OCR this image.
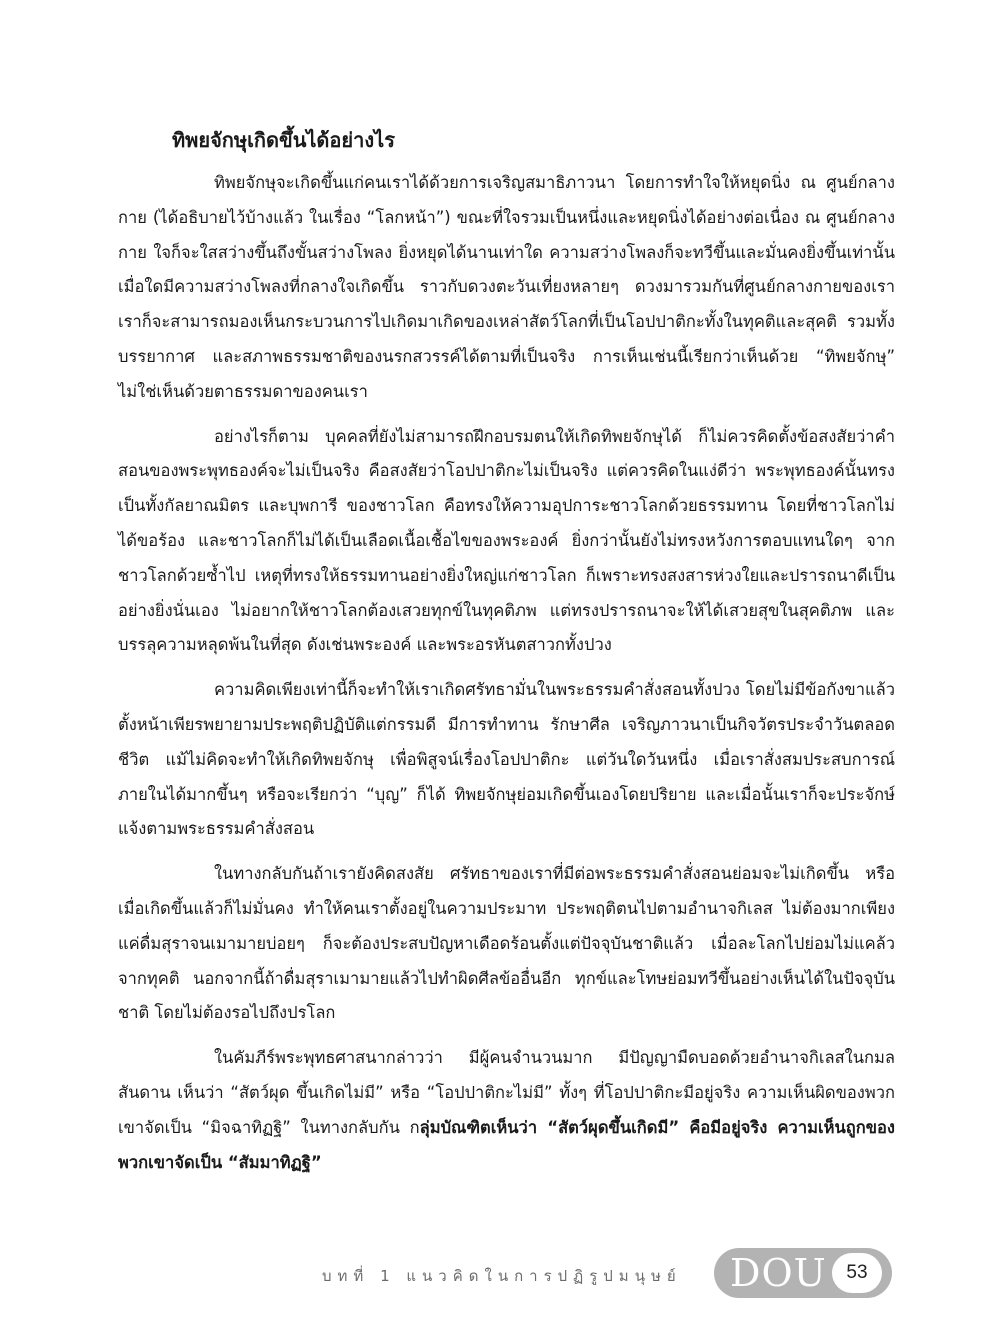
ทิพยจักษุเกิดขึ้นได้อย่างไร

ทิพยจักษุจะเกิดขึ้นแก่คนเราได้ด้วยการเจริญสมาธิภาวนา โดยการทำใจให้หยุดนิ่ง ณ ศูนย์กลางกาย (ได้อธิบายไว้บ้างแล้ว ในเรื่อง “โลกหน้า”) ขณะที่ใจรวมเป็นหนึ่งและหยุดนิ่งได้อย่างต่อเนื่อง ณ ศูนย์กลางกาย ใจก็จะใสสว่างขึ้นถึงขั้นสว่างโพลง ยิ่งหยุดได้นานเท่าใด ความสว่างโพลงก็จะทวีขึ้นและมั่นคงยิ่งขึ้นเท่านั้น เมื่อใดมีความสว่างโพลงที่กลางใจเกิดขึ้น ราวกับดวงตะวันเที่ยงหลายๆ ดวงมารวมกันที่ศูนย์กลางกายของเรา เราก็จะสามารถมองเห็นกระบวนการไปเกิดมาเกิดของเหล่าสัตว์โลกที่เป็นโอปปาติกะทั้งในทุคติและสุคติ รวมทั้งบรรยากาศ และสภาพธรรมชาติของนรกสวรรค์ได้ตามที่เป็นจริง การเห็นเช่นนี้เรียกว่าเห็นด้วย “ทิพยจักษุ” ไม่ใช่เห็นด้วยตาธรรมดาของคนเรา

อย่างไรก็ตาม บุคคลที่ยังไม่สามารถฝึกอบรมตนให้เกิดทิพยจักษุได้ ก็ไม่ควรคิดตั้งข้อสงสัยว่าคำสอนของพระพุทธองค์จะไม่เป็นจริง คือสงสัยว่าโอปปาติกะไม่เป็นจริง แต่ควรคิดในแง่ดีว่า พระพุทธองค์นั้นทรงเป็นทั้งกัลยาณมิตร และบุพการี ของชาวโลก คือทรงให้ความอุปการะชาวโลกด้วยธรรมทาน โดยที่ชาวโลกไม่ได้ขอร้อง และชาวโลกก็ไม่ได้เป็นเลือดเนื้อเชื้อไขของพระองค์ ยิ่งกว่านั้นยังไม่ทรงหวังการตอบแทนใดๆ จากชาวโลกด้วยซ้ำไป เหตุที่ทรงให้ธรรมทานอย่างยิ่งใหญ่แก่ชาวโลก ก็เพราะทรงสงสารห่วงใยและปรารถนาดีเป็นอย่างยิ่งนั่นเอง ไม่อยากให้ชาวโลกต้องเสวยทุกข์ในทุคติภพ แต่ทรงปรารถนาจะให้ได้เสวยสุขในสุคติภพ และบรรลุความหลุดพ้นในที่สุด ดังเช่นพระองค์ และพระอรหันตสาวกทั้งปวง

ความคิดเพียงเท่านี้ก็จะทำให้เราเกิดศรัทธามั่นในพระธรรมคำสั่งสอนทั้งปวง โดยไม่มีข้อกังขาแล้วตั้งหน้าเพียรพยายามประพฤติปฏิบัติแต่กรรมดี มีการทำทาน รักษาศีล เจริญภาวนาเป็นกิจวัตรประจำวันตลอดชีวิต แม้ไม่คิดจะทำให้เกิดทิพยจักษุ เพื่อพิสูจน์เรื่องโอปปาติกะ แต่วันใดวันหนึ่ง เมื่อเราสั่งสมประสบการณ์ภายในได้มากขึ้นๆ หรือจะเรียกว่า “บุญ” ก็ได้ ทิพยจักษุย่อมเกิดขึ้นเองโดยปริยาย และเมื่อนั้นเราก็จะประจักษ์แจ้งตามพระธรรมคำสั่งสอน

ในทางกลับกันถ้าเรายังคิดสงสัย ศรัทธาของเราที่มีต่อพระธรรมคำสั่งสอนย่อมจะไม่เกิดขึ้น หรือเมื่อเกิดขึ้นแล้วก็ไม่มั่นคง ทำให้คนเราตั้งอยู่ในความประมาท ประพฤติตนไปตามอำนาจกิเลส ไม่ต้องมากเพียงแค่ดื่มสุราจนเมามายบ่อยๆ ก็จะต้องประสบปัญหาเดือดร้อนตั้งแต่ปัจจุบันชาติแล้ว เมื่อละโลกไปย่อมไม่แคล้วจากทุคติ นอกจากนี้ถ้าดื่มสุราเมามายแล้วไปทำผิดศีลข้ออื่นอีก ทุกข์และโทษย่อมทวีขึ้นอย่างเห็นได้ในปัจจุบันชาติ โดยไม่ต้องรอไปถึงปรโลก

ในคัมภีร์พระพุทธศาสนากล่าวว่า มีผู้คนจำนวนมาก มีปัญญามืดบอดด้วยอำนาจกิเลสในกมลสันดาน เห็นว่า “สัตว์ผุด ขึ้นเกิดไม่มี” หรือ “โอปปาติกะไม่มี” ทั้งๆ ที่โอปปาติกะมีอยู่จริง ความเห็นผิดของพวกเขาจัดเป็น “มิจฉาทิฏฐิ” ในทางกลับกัน กลุ่มบัณฑิตเห็นว่า “สัตว์ผุดขึ้นเกิดมี” คือมีอยู่จริง ความเห็นถูกของพวกเขาจัดเป็น “สัมมาทิฏฐิ”

บทที่ 1 แนวคิดในการปฏิรูปมนุษย์ DOU	53
